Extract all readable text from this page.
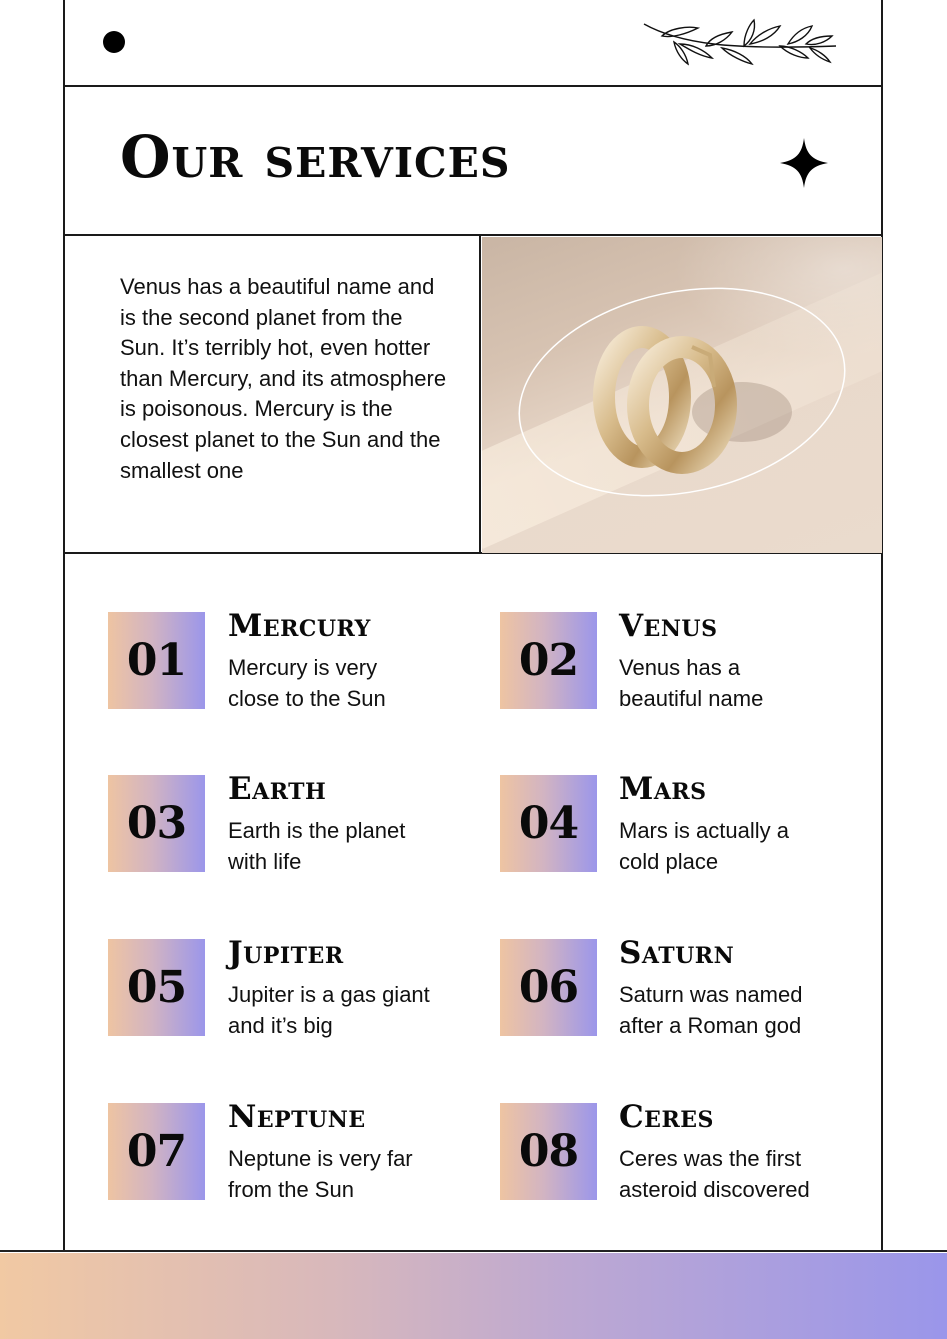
Our services

Venus has a beautiful name and is the second planet from the Sun. It’s terribly hot, even hotter than Mercury, and its atmosphere is poisonous. Mercury is the closest planet to the Sun and the smallest one

01
Mercury

Mercury is very close to the Sun

02
Venus

Venus has a beautiful name

03
Earth

Earth is the planet with life

04
Mars

Mars is actually a cold place

05
Jupiter

Jupiter is a gas giant and it’s big

06
Saturn

Saturn was named after a Roman god

07
Neptune

Neptune is very far from the Sun

08
Ceres

Ceres was the first asteroid discovered
